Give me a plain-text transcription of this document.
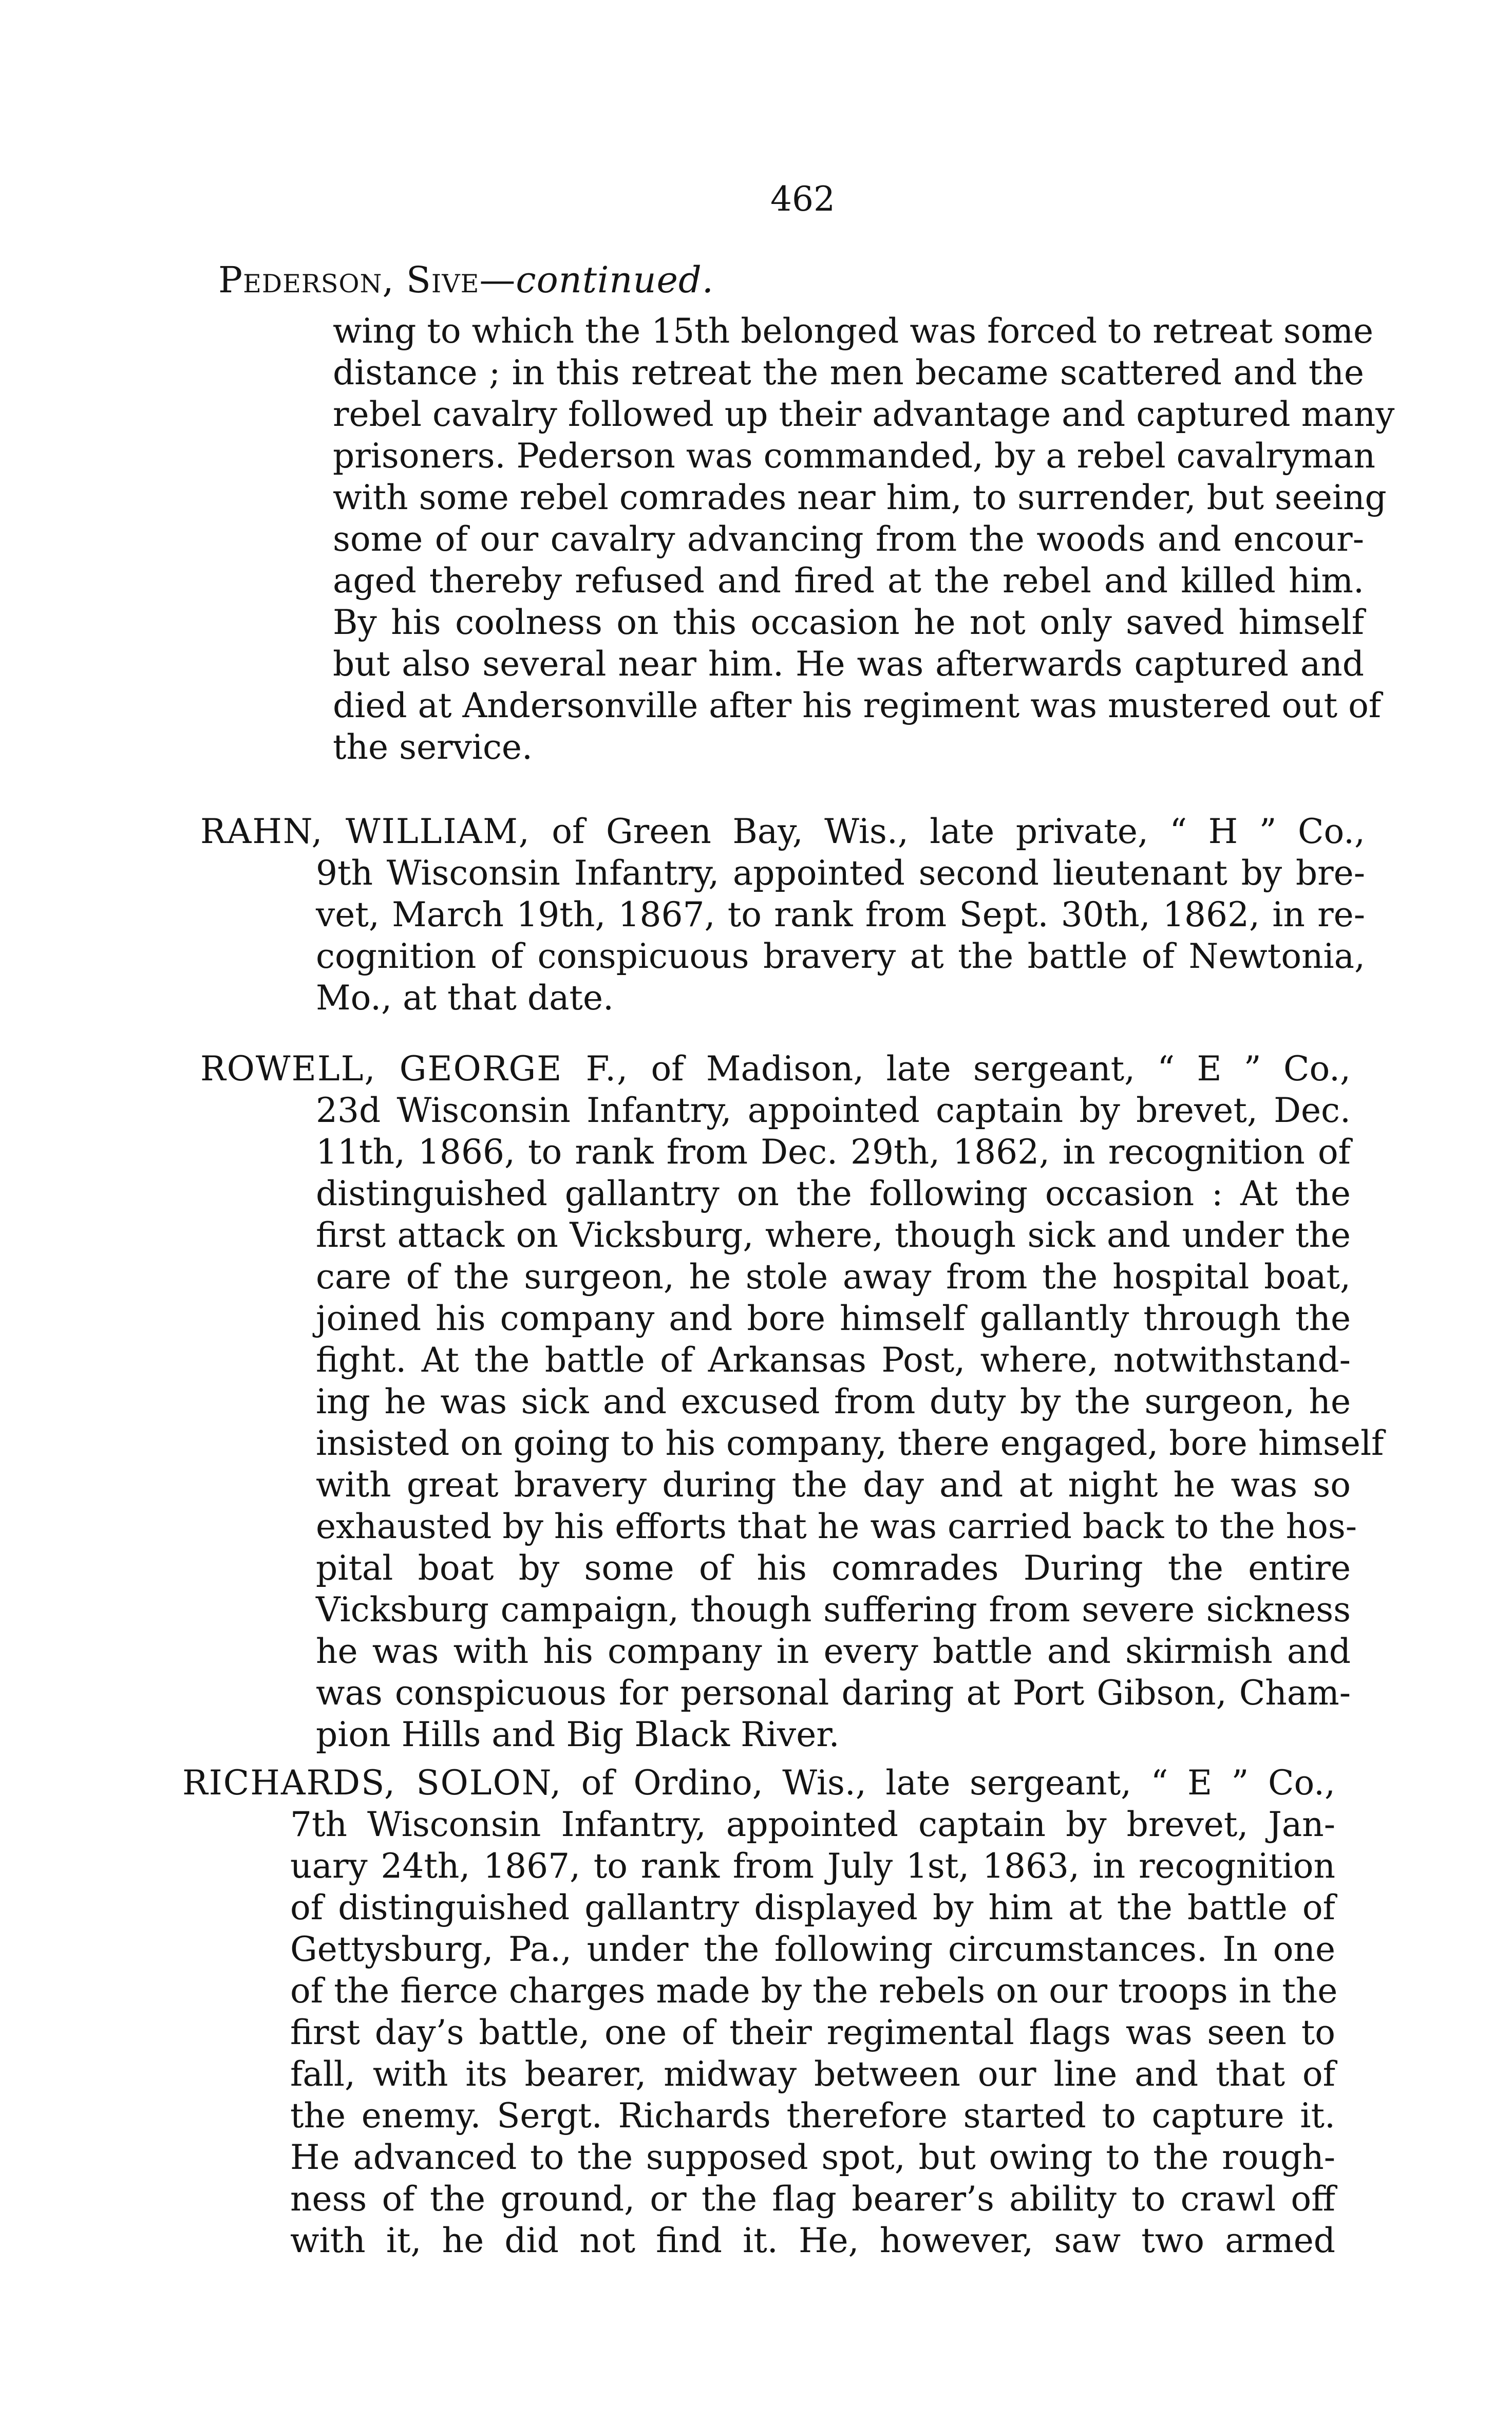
462
Pederson, Sive—continued.
wing to which the 15th belonged was forced to retreat some
distance ; in this retreat the men became scattered and the
rebel cavalry followed up their advantage and captured many
prisoners. Pederson was commanded, by a rebel cavalryman
with some rebel comrades near him, to surrender, but seeing
some of our cavalry advancing from the woods and encour-
aged thereby refused and fired at the rebel and killed him.
By his coolness on this occasion he not only saved himself
but also several near him. He was afterwards captured and
died at Andersonville after his regiment was mustered out of
the service.
RAHN, WILLIAM, of Green Bay, Wis., late private, “ H ” Co.,
9th Wisconsin Infantry, appointed second lieutenant by bre-
vet, March 19th, 1867, to rank from Sept. 30th, 1862, in re-
cognition of conspicuous bravery at the battle of Newtonia,
Mo., at that date.
ROWELL, GEORGE F., of Madison, late sergeant, “ E ” Co.,
23d Wisconsin Infantry, appointed captain by brevet, Dec.
11th, 1866, to rank from Dec. 29th, 1862, in recognition of
distinguished gallantry on the following occasion : At the
first attack on Vicksburg, where, though sick and under the
care of the surgeon, he stole away from the hospital boat,
joined his company and bore himself gallantly through the
fight. At the battle of Arkansas Post, where, notwithstand-
ing he was sick and excused from duty by the surgeon, he
insisted on going to his company, there engaged, bore himself
with great bravery during the day and at night he was so
exhausted by his efforts that he was carried back to the hos-
pital boat by some of his comrades During the entire
Vicksburg campaign, though suffering from severe sickness
he was with his company in every battle and skirmish and
was conspicuous for personal daring at Port Gibson, Cham-
pion Hills and Big Black River.
RICHARDS, SOLON, of Ordino, Wis., late sergeant, “ E ” Co.,
7th Wisconsin Infantry, appointed captain by brevet, Jan-
uary 24th, 1867, to rank from July 1st, 1863, in recognition
of distinguished gallantry displayed by him at the battle of
Gettysburg, Pa., under the following circumstances. In one
of the fierce charges made by the rebels on our troops in the
first day’s battle, one of their regimental flags was seen to
fall, with its bearer, midway between our line and that of
the enemy. Sergt. Richards therefore started to capture it.
He advanced to the supposed spot, but owing to the rough-
ness of the ground, or the flag bearer’s ability to crawl off
with it, he did not find it. He, however, saw two armed
